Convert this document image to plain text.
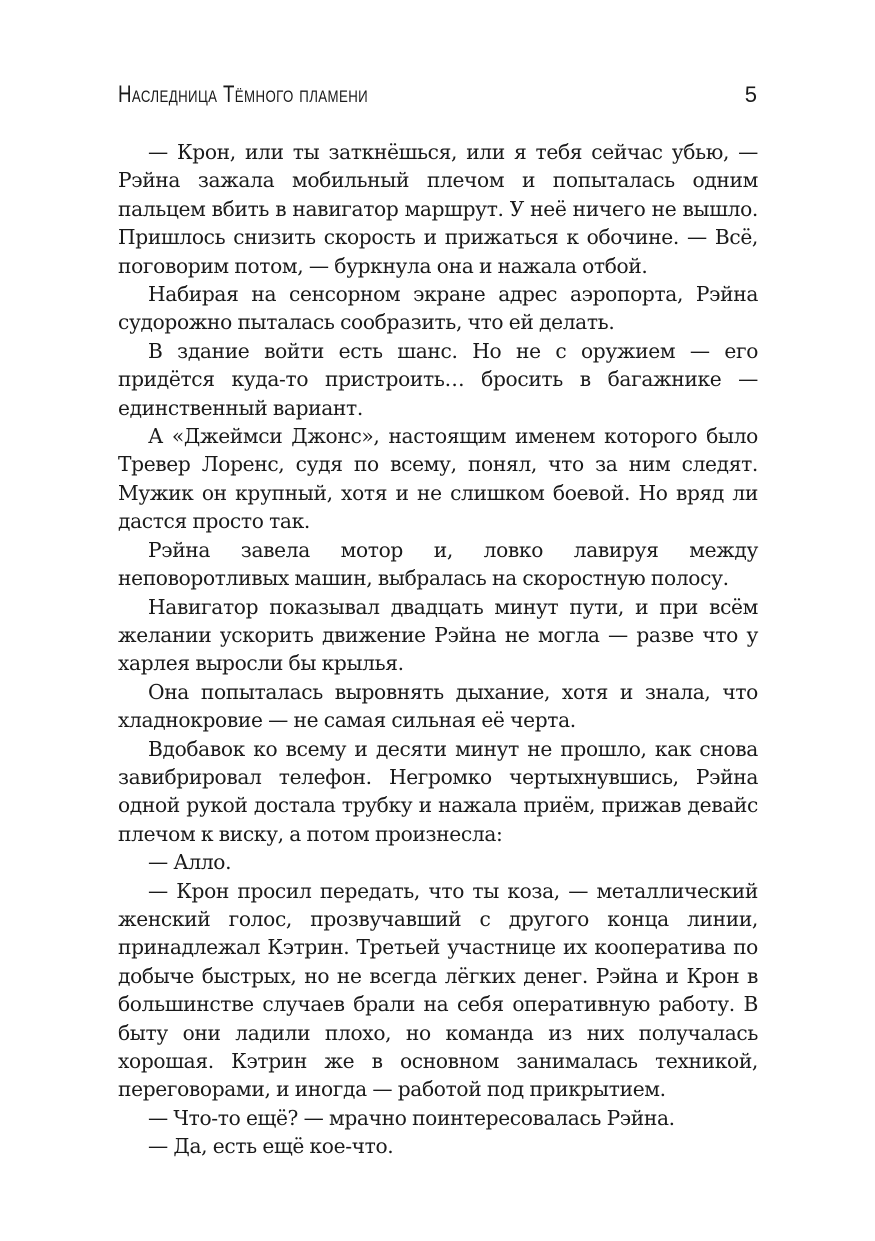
Наследница Тёмного пламени	5

— Крон, или ты заткнёшься, или я тебя сейчас убью, — Рэйна зажала мобильный плечом и попыталась одним пальцем вбить в навигатор маршрут. У неё ничего не вышло. Пришлось снизить скорость и прижаться к обочине. — Всё, поговорим потом, — буркнула она и нажала отбой.

Набирая на сенсорном экране адрес аэропорта, Рэйна судорожно пыталась сообразить, что ей делать.

В здание войти есть шанс. Но не с оружием — его придётся куда-то пристроить… бросить в багажнике — единственный вариант.

А «Джеймси Джонс», настоящим именем которого было Тревер Лоренс, судя по всему, понял, что за ним следят. Мужик он крупный, хотя и не слишком боевой. Но вряд ли дастся просто так.

Рэйна завела мотор и, ловко лавируя между неповоротливых машин, выбралась на скоростную полосу.

Навигатор показывал двадцать минут пути, и при всём желании ускорить движение Рэйна не могла — разве что у харлея выросли бы крылья.

Она попыталась выровнять дыхание, хотя и знала, что хладнокровие — не самая сильная её черта.

Вдобавок ко всему и десяти минут не прошло, как снова завибрировал телефон. Негромко чертыхнувшись, Рэйна одной рукой достала трубку и нажала приём, прижав девайс плечом к виску, а потом произнесла:

— Алло.

— Крон просил передать, что ты коза, — металлический женский голос, прозвучавший с другого конца линии, принадлежал Кэтрин. Третьей участнице их кооператива по добыче быстрых, но не всегда лёгких денег. Рэйна и Крон в большинстве случаев брали на себя оперативную работу. В быту они ладили плохо, но команда из них получалась хорошая. Кэтрин же в основном занималась техникой, переговорами, и иногда — работой под прикрытием.

— Что-то ещё? — мрачно поинтересовалась Рэйна.

— Да, есть ещё кое-что.
